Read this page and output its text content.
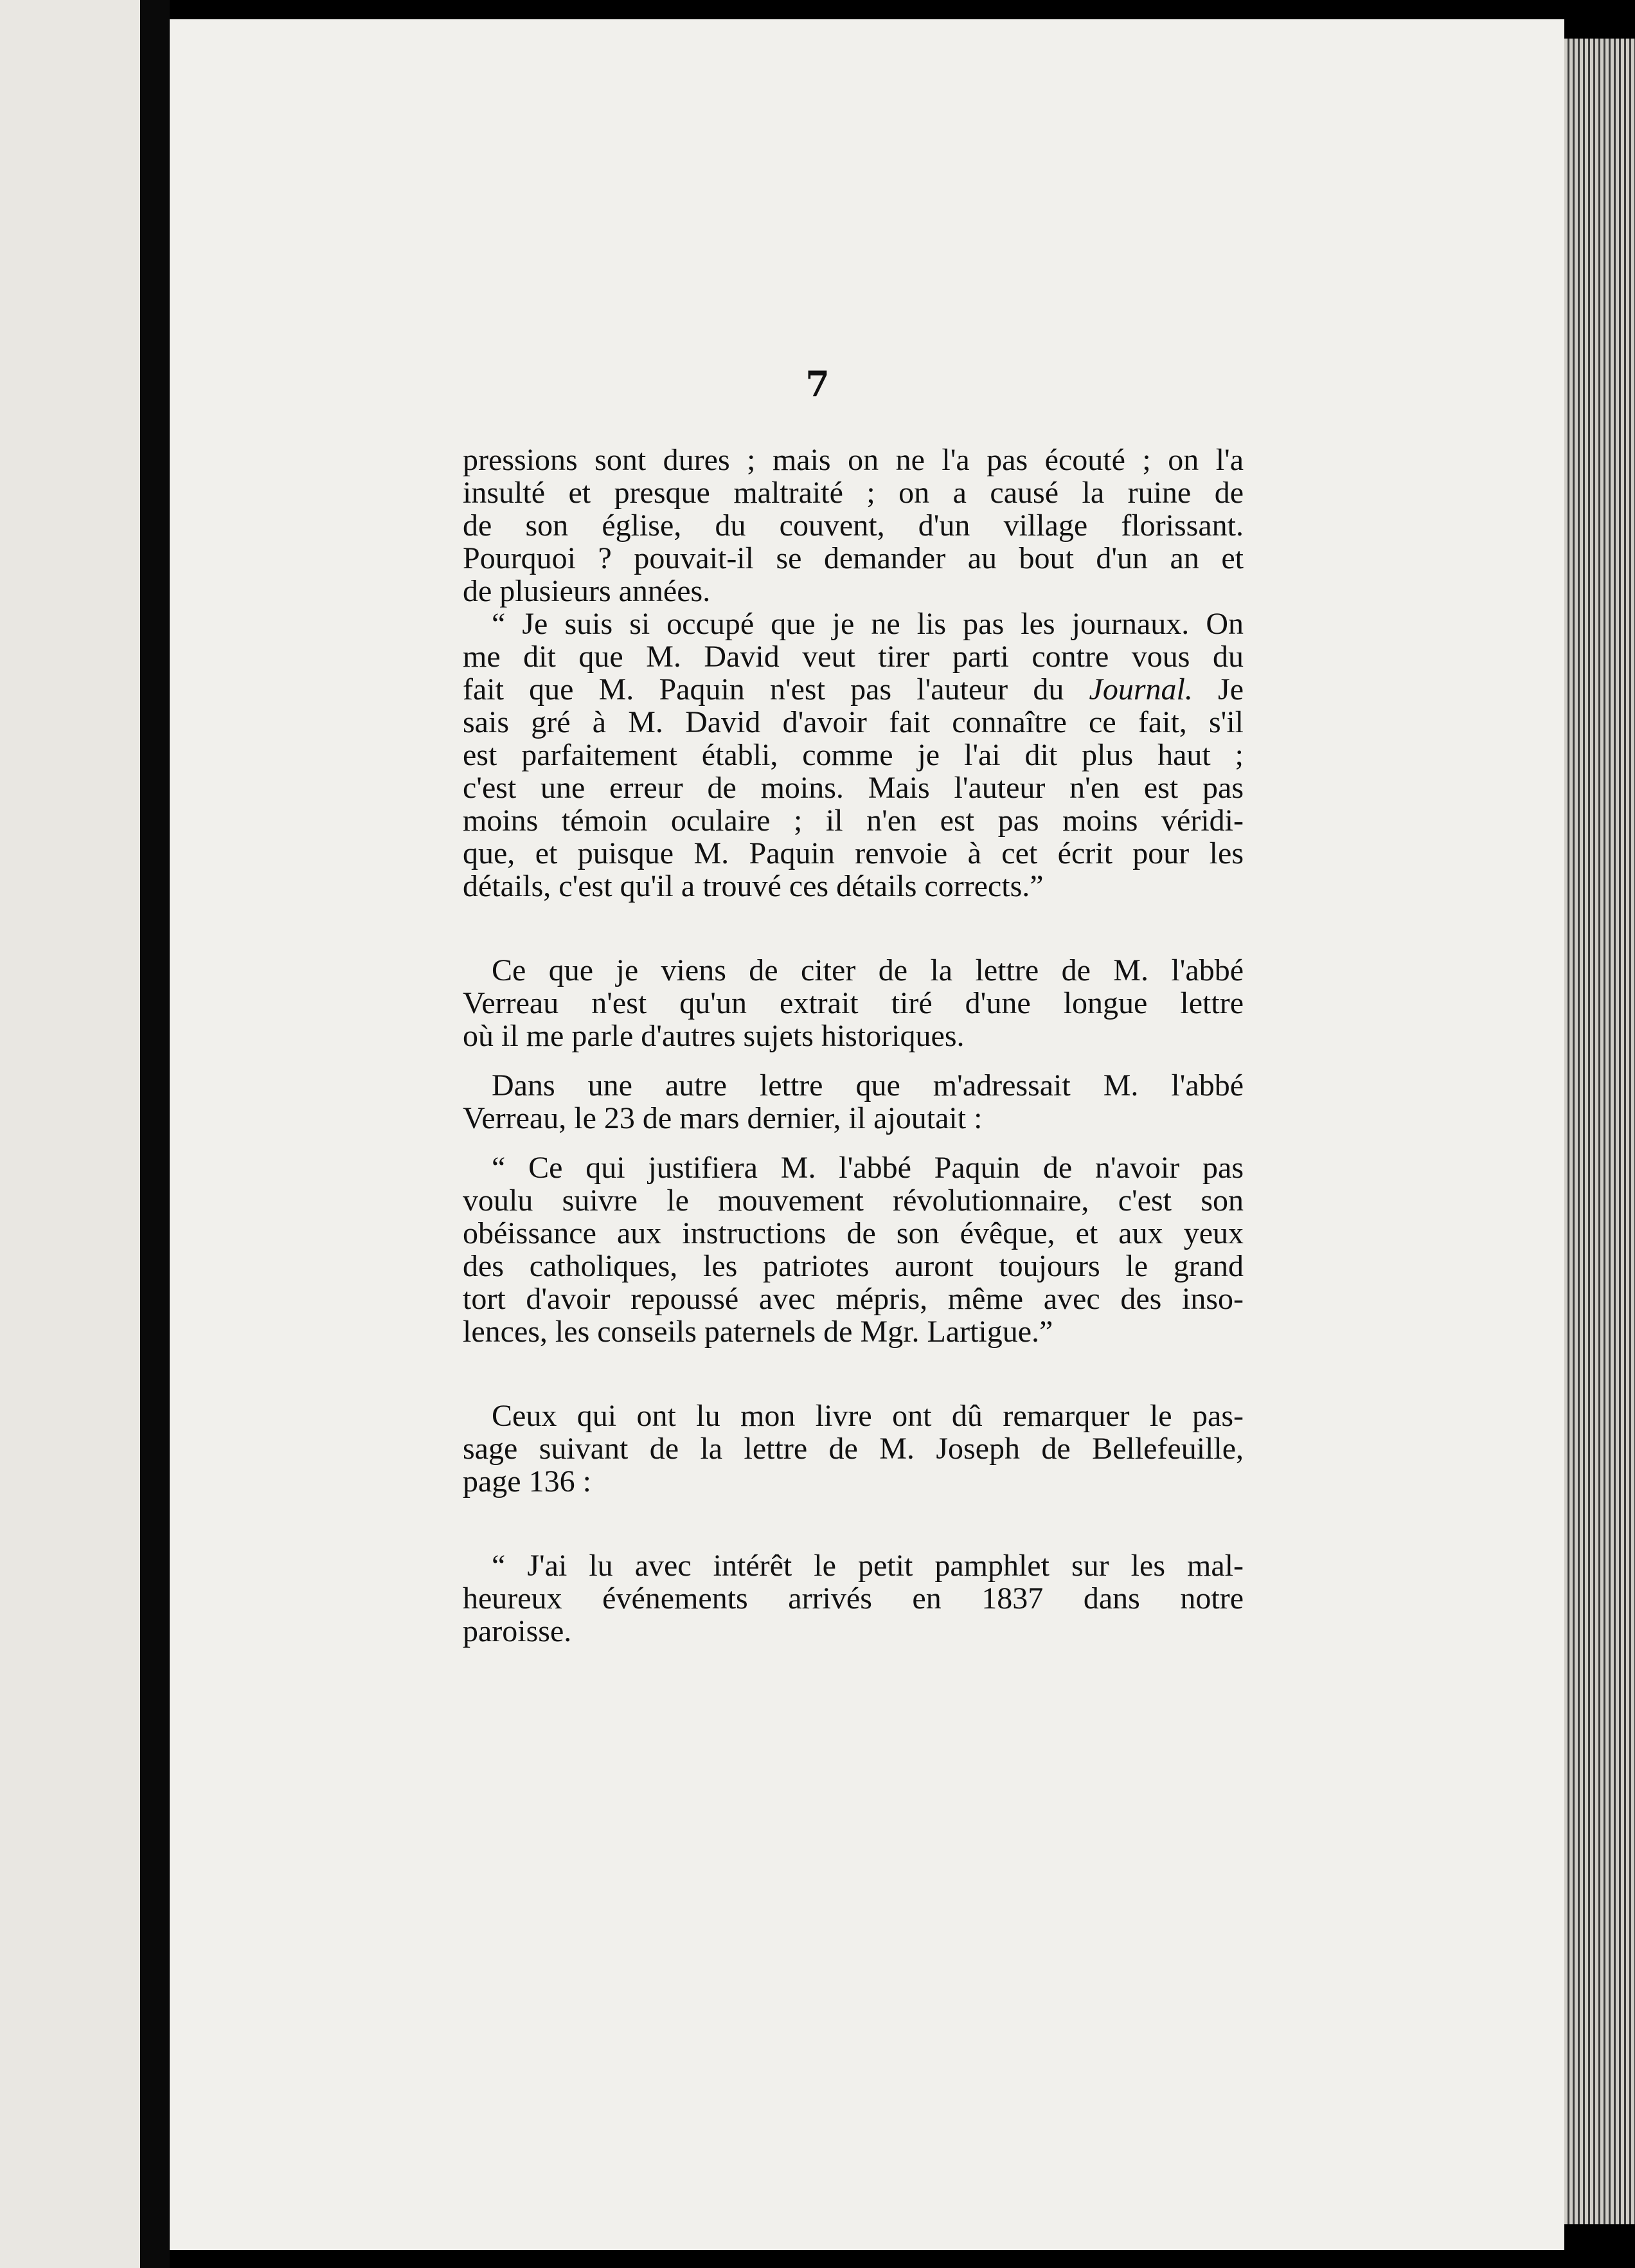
7

pressions sont dures ; mais on ne l'a pas écouté ; on l'a
insulté et presque maltraité ; on a causé la ruine de
de son église, du couvent, d'un village florissant.
Pourquoi ? pouvait-il se demander au bout d'un an et
de plusieurs années.

“ Je suis si occupé que je ne lis pas les journaux. On
me dit que M. David veut tirer parti contre vous du
fait que M. Paquin n'est pas l'auteur du Journal. Je
sais gré à M. David d'avoir fait connaître ce fait, s'il
est parfaitement établi, comme je l'ai dit plus haut ;
c'est une erreur de moins. Mais l'auteur n'en est pas
moins témoin oculaire ; il n'en est pas moins véridi-
que, et puisque M. Paquin renvoie à cet écrit pour les
détails, c'est qu'il a trouvé ces détails corrects.”

Ce que je viens de citer de la lettre de M. l'abbé
Verreau n'est qu'un extrait tiré d'une longue lettre
où il me parle d'autres sujets historiques.

Dans une autre lettre que m'adressait M. l'abbé
Verreau, le 23 de mars dernier, il ajoutait :

“ Ce qui justifiera M. l'abbé Paquin de n'avoir pas
voulu suivre le mouvement révolutionnaire, c'est son
obéissance aux instructions de son évêque, et aux yeux
des catholiques, les patriotes auront toujours le grand
tort d'avoir repoussé avec mépris, même avec des inso-
lences, les conseils paternels de Mgr. Lartigue.”

Ceux qui ont lu mon livre ont dû remarquer le pas-
sage suivant de la lettre de M. Joseph de Bellefeuille,
page 136 :

“ J'ai lu avec intérêt le petit pamphlet sur les mal-
heureux événements arrivés en 1837 dans notre
paroisse.
